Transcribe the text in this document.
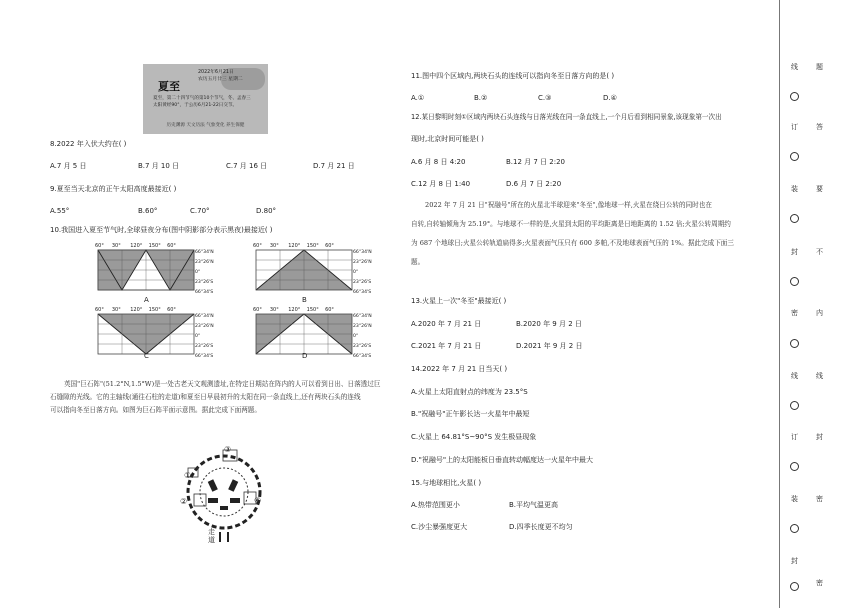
夏至
2022年6月21日
农历五月廿三 星期二
夏至，第二十四节气的第10个节气，冬、孟春三
太阳黄经90°，于公历6月21-22日交节。
历史渊源 天文历法 气象变化 养生保健
8.2022 年入伏大约在( )
A.7 月 5 日	B.7 月 10 日	C.7 月 16 日	D.7 月 21 日
9.夏至当天北京的正午太阳高度最接近( )
A.55°	B.60°	C.70°	D.80°
10.我国进入夏至节气时,全球昼夜分布(图中阴影部分表示黑夜)最接近( )
60° 30° 120° 150° 60°	60° 30° 120° 150° 60°
60° 30° 120° 150° 60°	60° 30° 120° 150° 60°
66°34'N
23°26'N
0°
23°26'S
66°34'S
66°34'N
23°26'N
0°
23°26'S
66°34'S
66°34'N
23°26'N
0°
23°26'S
66°34'S
66°34'N
23°26'N
0°
23°26'S
66°34'S
A	B
C	D
英国"巨石阵"(51.2°N,1.5°W)是一处古老天文观测遗址,在特定日期站在阵内的人可以看到日出、日落透过巨
石缝隙的光线。它的主轴线(通往石柱的走道)和夏至日早晨初升的太阳在同一条直线上,还有两块石头的连线
可以指向冬至日落方向。如图为巨石阵平面示意图。据此完成下面两题。
①
②
③
④
走道
11.图中四个区域内,两块石头的连线可以指向冬至日落方向的是( )
A.①	B.②	C.③	D.④
12.某日黎明时刻①区域内两块石头连线与日落光线在同一条直线上,一个月后看到相同景象,该现象第一次出
现时,北京时间可能是( )
A.6 月 8 日 4:20	B.12 月 7 日 2:20
C.12 月 8 日 1:40	D.6 月 7 日 2:20
2022 年 7 月 21 日"祝融号"所在的火星北半球迎来"冬至",像地球一样,火星在绕日公转的同时也在
自转,自转轴倾角为 25.19°。与地球不一样的是,火星到太阳的平均距离是日地距离的 1.52 倍;火星公转周期约
为 687 个地球日;火星公转轨道扁得多;火星表面气压只有 600 多帕,不及地球表面气压的 1%。据此完成下面三
题。
13.火星上一次"冬至"最接近( )
A.2020 年 7 月 21 日	B.2020 年 9 月 2 日
C.2021 年 7 月 21 日	D.2021 年 9 月 2 日
14.2022 年 7 月 21 日当天( )
A.火星上太阳直射点的纬度为 23.5°S
B."祝融号"正午影长达一火星年中最短
C.火星上 64.81°S~90°S 发生极昼现象
D."祝融号"上的太阳能板日垂直转动幅度达一火星年中最大
15.与地球相比,火星( )
A.热带范围更小	B.平均气温更高
C.沙尘暴强度更大	D.四季长度更不均匀
线
订
装
封
密
线
订
装
封
题
答
要
不
内
线
封
密
密
